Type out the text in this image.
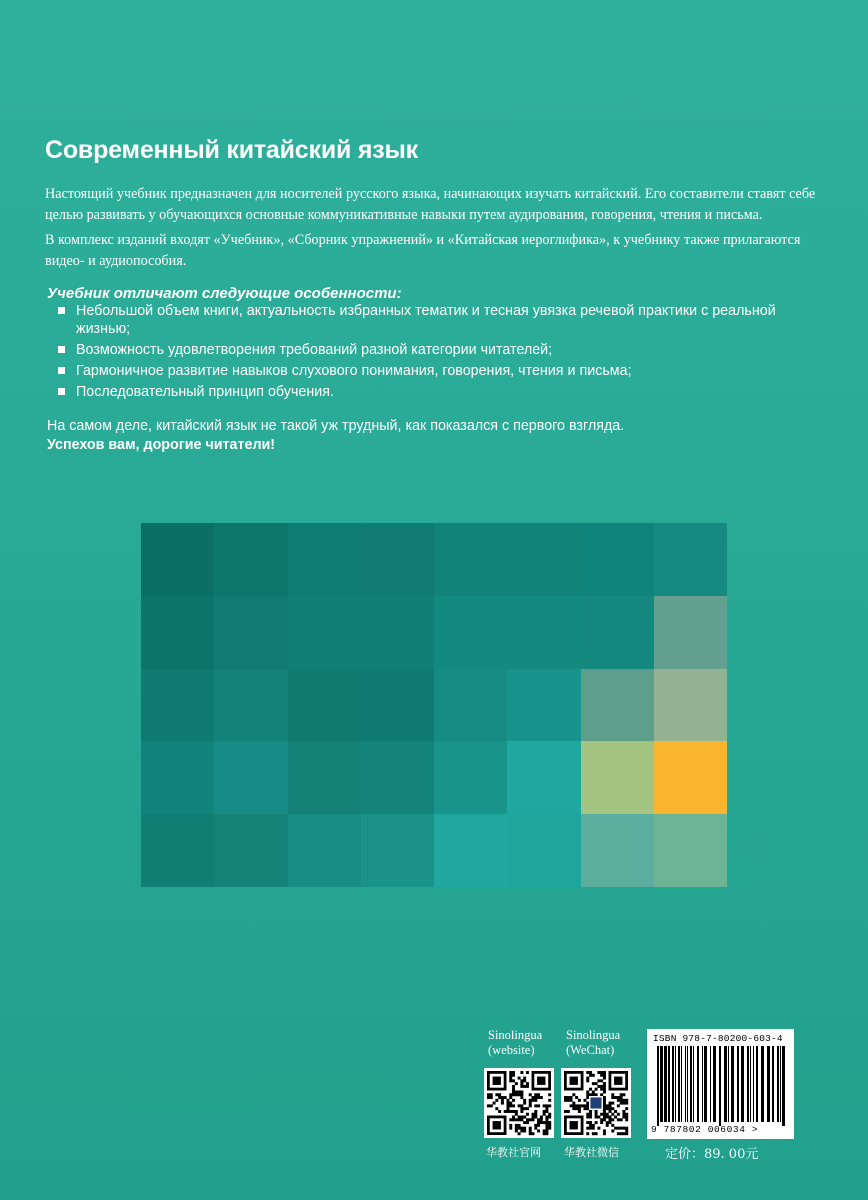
Современный китайский язык

Настоящий учебник предназначен для носителей русского языка, начинающих изучать китайский. Его составители ставят себе целью развивать у обучающихся основные коммуникативные навыки путем аудирования, говорения, чтения и письма.

В комплекс изданий входят «Учебник», «Сборник упражнений» и «Китайская иероглифика», к учебнику также прилагаются видео- и аудиопособия.

Учебник отличают следующие особенности:

Небольшой объем книги, актуальность избранных тематик и тесная увязка речевой практики с реальной жизнью;
Возможность удовлетворения требований разной категории читателей;
Гармоничное развитие навыков слухового понимания, говорения, чтения и письма;
Последовательный принцип обучения.

На самом деле, китайский язык не такой уж трудный, как показался с первого взгляда.

Успехов вам, дорогие читатели!

Sinolingua
(website)

华教社官网

Sinolingua
(WeChat)

华教社微信

ISBN 978-7-80200-603-4

9 787802 006034 >

定价：89. 00元
